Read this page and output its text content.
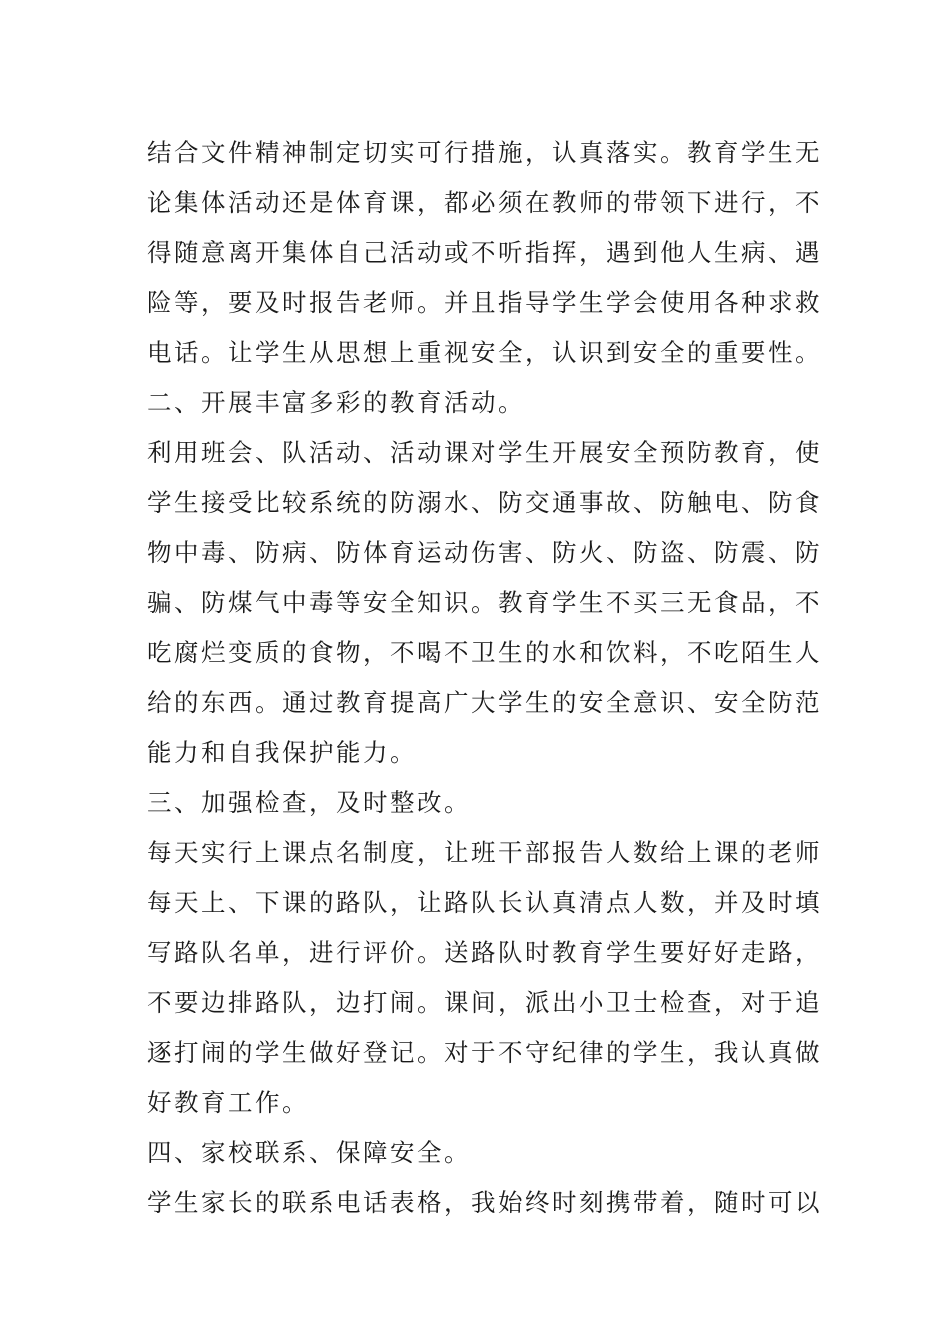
结合文件精神制定切实可行措施，认真落实。教育学生无
论集体活动还是体育课，都必须在教师的带领下进行，不
得随意离开集体自己活动或不听指挥，遇到他人生病、遇
险等，要及时报告老师。并且指导学生学会使用各种求救
电话。让学生从思想上重视安全，认识到安全的重要性。
二、开展丰富多彩的教育活动。
利用班会、队活动、活动课对学生开展安全预防教育，使
学生接受比较系统的防溺水、防交通事故、防触电、防食
物中毒、防病、防体育运动伤害、防火、防盗、防震、防
骗、防煤气中毒等安全知识。教育学生不买三无食品，不
吃腐烂变质的食物，不喝不卫生的水和饮料，不吃陌生人
给的东西。通过教育提高广大学生的安全意识、安全防范
能力和自我保护能力。
三、加强检查，及时整改。
每天实行上课点名制度，让班干部报告人数给上课的老师
每天上、下课的路队，让路队长认真清点人数，并及时填
写路队名单，进行评价。送路队时教育学生要好好走路，
不要边排路队，边打闹。课间，派出小卫士检查，对于追
逐打闹的学生做好登记。对于不守纪律的学生，我认真做
好教育工作。
四、家校联系、保障安全。
学生家长的联系电话表格，我始终时刻携带着，随时可以
